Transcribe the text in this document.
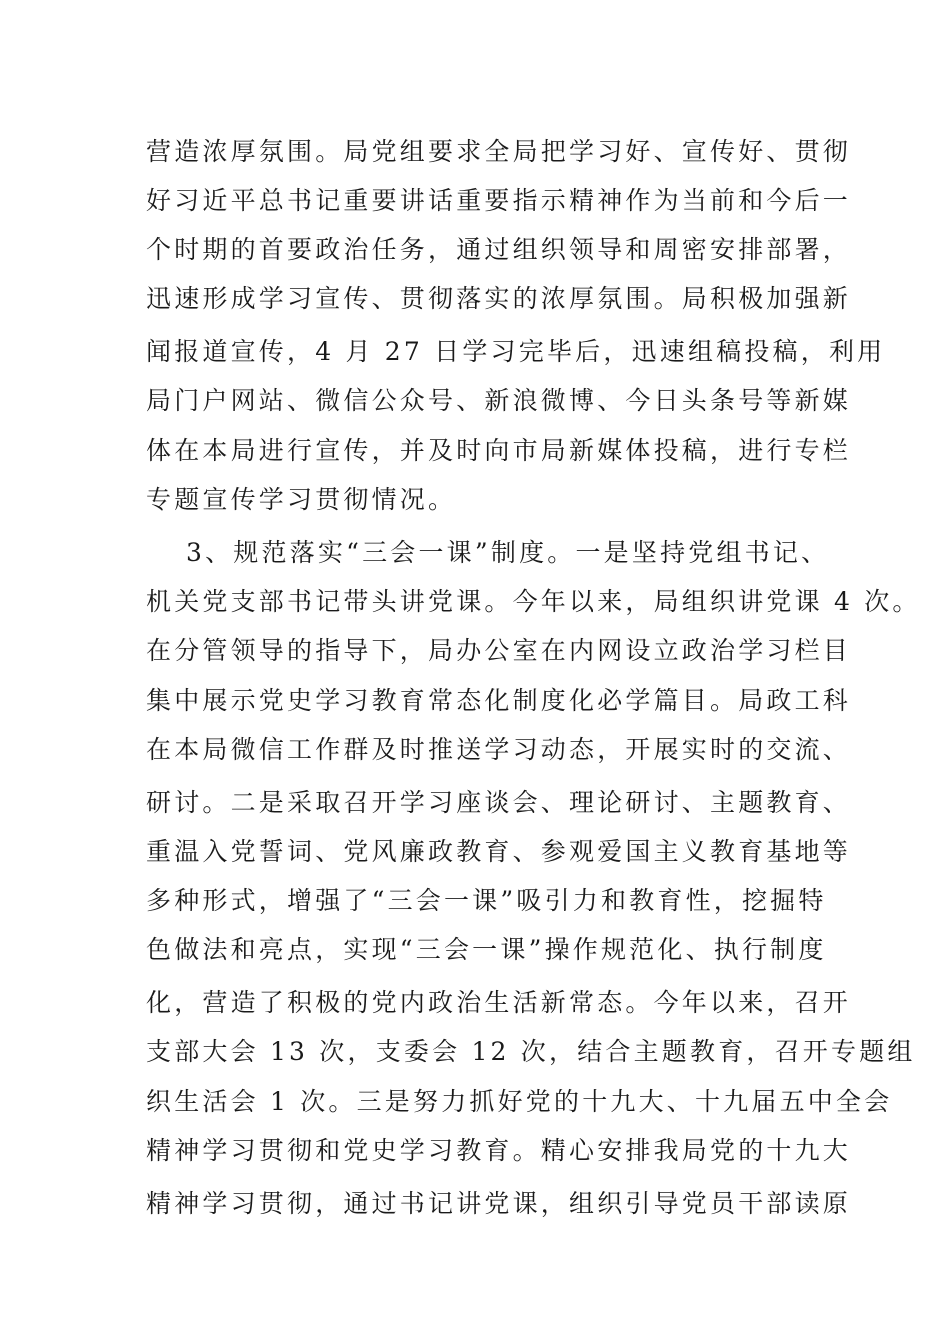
营造浓厚氛围。局党组要求全局把学习好、宣传好、贯彻
好习近平总书记重要讲话重要指示精神作为当前和今后一
个时期的首要政治任务，通过组织领导和周密安排部署，
迅速形成学习宣传、贯彻落实的浓厚氛围。局积极加强新
闻报道宣传，4 月 27 日学习完毕后，迅速组稿投稿，利用
局门户网站、微信公众号、新浪微博、今日头条号等新媒
体在本局进行宣传，并及时向市局新媒体投稿，进行专栏
专题宣传学习贯彻情况。
3、规范落实“三会一课”制度。一是坚持党组书记、
机关党支部书记带头讲党课。今年以来，局组织讲党课 4 次。
在分管领导的指导下，局办公室在内网设立政治学习栏目
集中展示党史学习教育常态化制度化必学篇目。局政工科
在本局微信工作群及时推送学习动态，开展实时的交流、
研讨。二是采取召开学习座谈会、理论研讨、主题教育、
重温入党誓词、党风廉政教育、参观爱国主义教育基地等
多种形式，增强了“三会一课”吸引力和教育性，挖掘特
色做法和亮点，实现“三会一课”操作规范化、执行制度
化，营造了积极的党内政治生活新常态。今年以来，召开
支部大会 13 次，支委会 12 次，结合主题教育，召开专题组
织生活会 1 次。三是努力抓好党的十九大、十九届五中全会
精神学习贯彻和党史学习教育。精心安排我局党的十九大
精神学习贯彻，通过书记讲党课，组织引导党员干部读原
